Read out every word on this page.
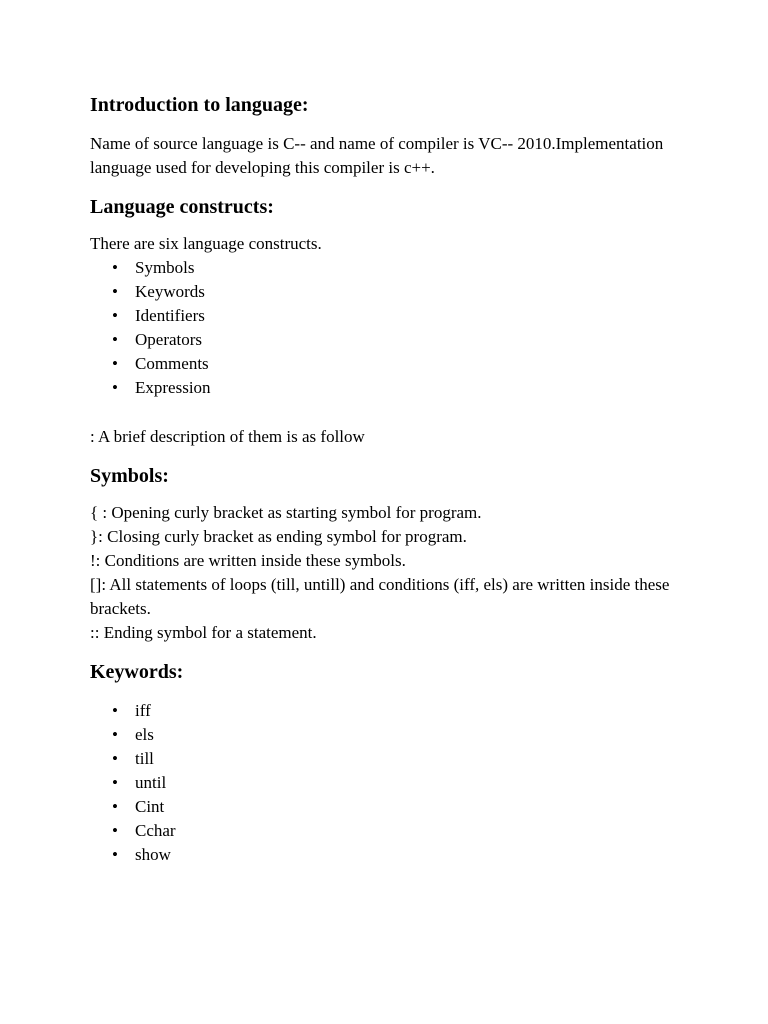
Introduction to language:

Name of source language is C-- and name of compiler is VC-- 2010.Implementation language used for developing this compiler is c++.

Language constructs:

There are six language constructs.

• Symbols
• Keywords
• Identifiers
• Operators
• Comments
• Expression

: A brief description of them is as follow

Symbols:
{ : Opening curly bracket as starting symbol for program.
}: Closing curly bracket as ending symbol for program.
!: Conditions are written inside these symbols.
[]: All statements of loops (till, untill) and conditions (iff, els) are written inside these brackets.
:: Ending symbol for a statement.
Keywords:
• iff
• els
• till
• until
• Cint
• Cchar
• show
